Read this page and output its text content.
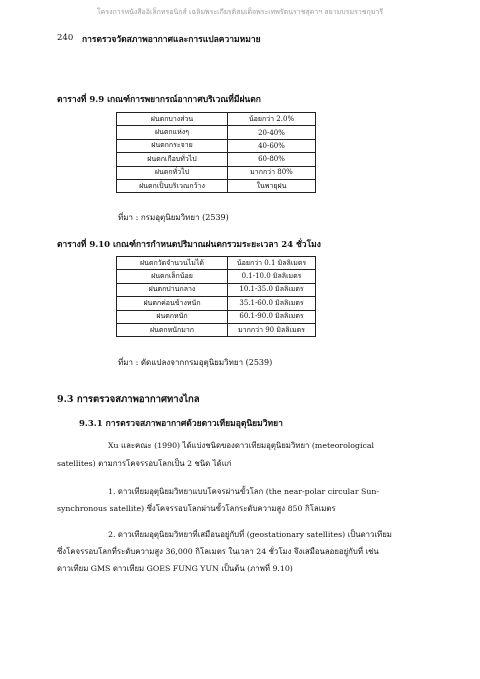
โครงการหนังสืออิเล็กทรอนิกส์ เฉลิมพระเกียรติสมเด็จพระเทพรัตนราชสุดาฯ สยามบรมราชกุมารี
240 การตรวจวัดสภาพอากาศและการแปลความหมาย
ตารางที่ 9.9 เกณฑ์การพยากรณ์อากาศบริเวณที่มีฝนตก
ฝนตกบางส่วน	น้อยกว่า 2.0%
ฝนตกแห่งๆ	20-40%
ฝนตกกระจาย	40-60%
ฝนตกเกือบทั่วไป	60-80%
ฝนตกทั่วไป	มากกว่า 80%
ฝนตกเป็นบริเวณกว้าง	ในพายุฝน
ที่มา : กรมอุตุนิยมวิทยา (2539)
ตารางที่ 9.10 เกณฑ์การกำหนดปริมาณฝนตกรวมระยะเวลา 24 ชั่วโมง
ฝนตกวัดจำนวนไม่ได้	น้อยกว่า 0.1 มิลลิเมตร
ฝนตกเล็กน้อย	0.1-10.0 มิลลิเมตร
ฝนตกปานกลาง	10.1-35.0 มิลลิเมตร
ฝนตกค่อนข้างหนัก	35.1-60.0 มิลลิเมตร
ฝนตกหนัก	60.1-90.0 มิลลิเมตร
ฝนตกหนักมาก	มากกว่า 90 มิลลิเมตร
ที่มา : ดัดแปลงจากกรมอุตุนิยมวิทยา (2539)
9.3 การตรวจสภาพอากาศทางไกล
9.3.1 การตรวจสภาพอากาศด้วยดาวเทียมอุตุนิยมวิทยา
Xu และคณะ (1990) ได้แบ่งชนิดของดาวเทียมอุตุนิยมวิทยา (meteorological
satellites) ตามการโคจรรอบโลกเป็น 2 ชนิด ได้แก่
1. ดาวเทียมอุตุนิยมวิทยาแบบโคจรผ่านขั้วโลก (the near-polar circular Sun-
synchronous satellite) ซึ่งโคจรรอบโลกผ่านขั้วโลกระดับความสูง 850 กิโลเมตร
2. ดาวเทียมอุตุนิยมวิทยาที่เสมือนอยู่กับที่ (geostationary satellites) เป็นดาวเทียม
ซึ่งโคจรรอบโลกที่ระดับความสูง 36,000 กิโลเมตร ในเวลา 24 ชั่วโมง จึงเสมือนลอยอยู่กับที่ เช่น
ดาวเทียม GMS ดาวเทียม GOES FUNG YUN เป็นต้น (ภาพที่ 9.10)
